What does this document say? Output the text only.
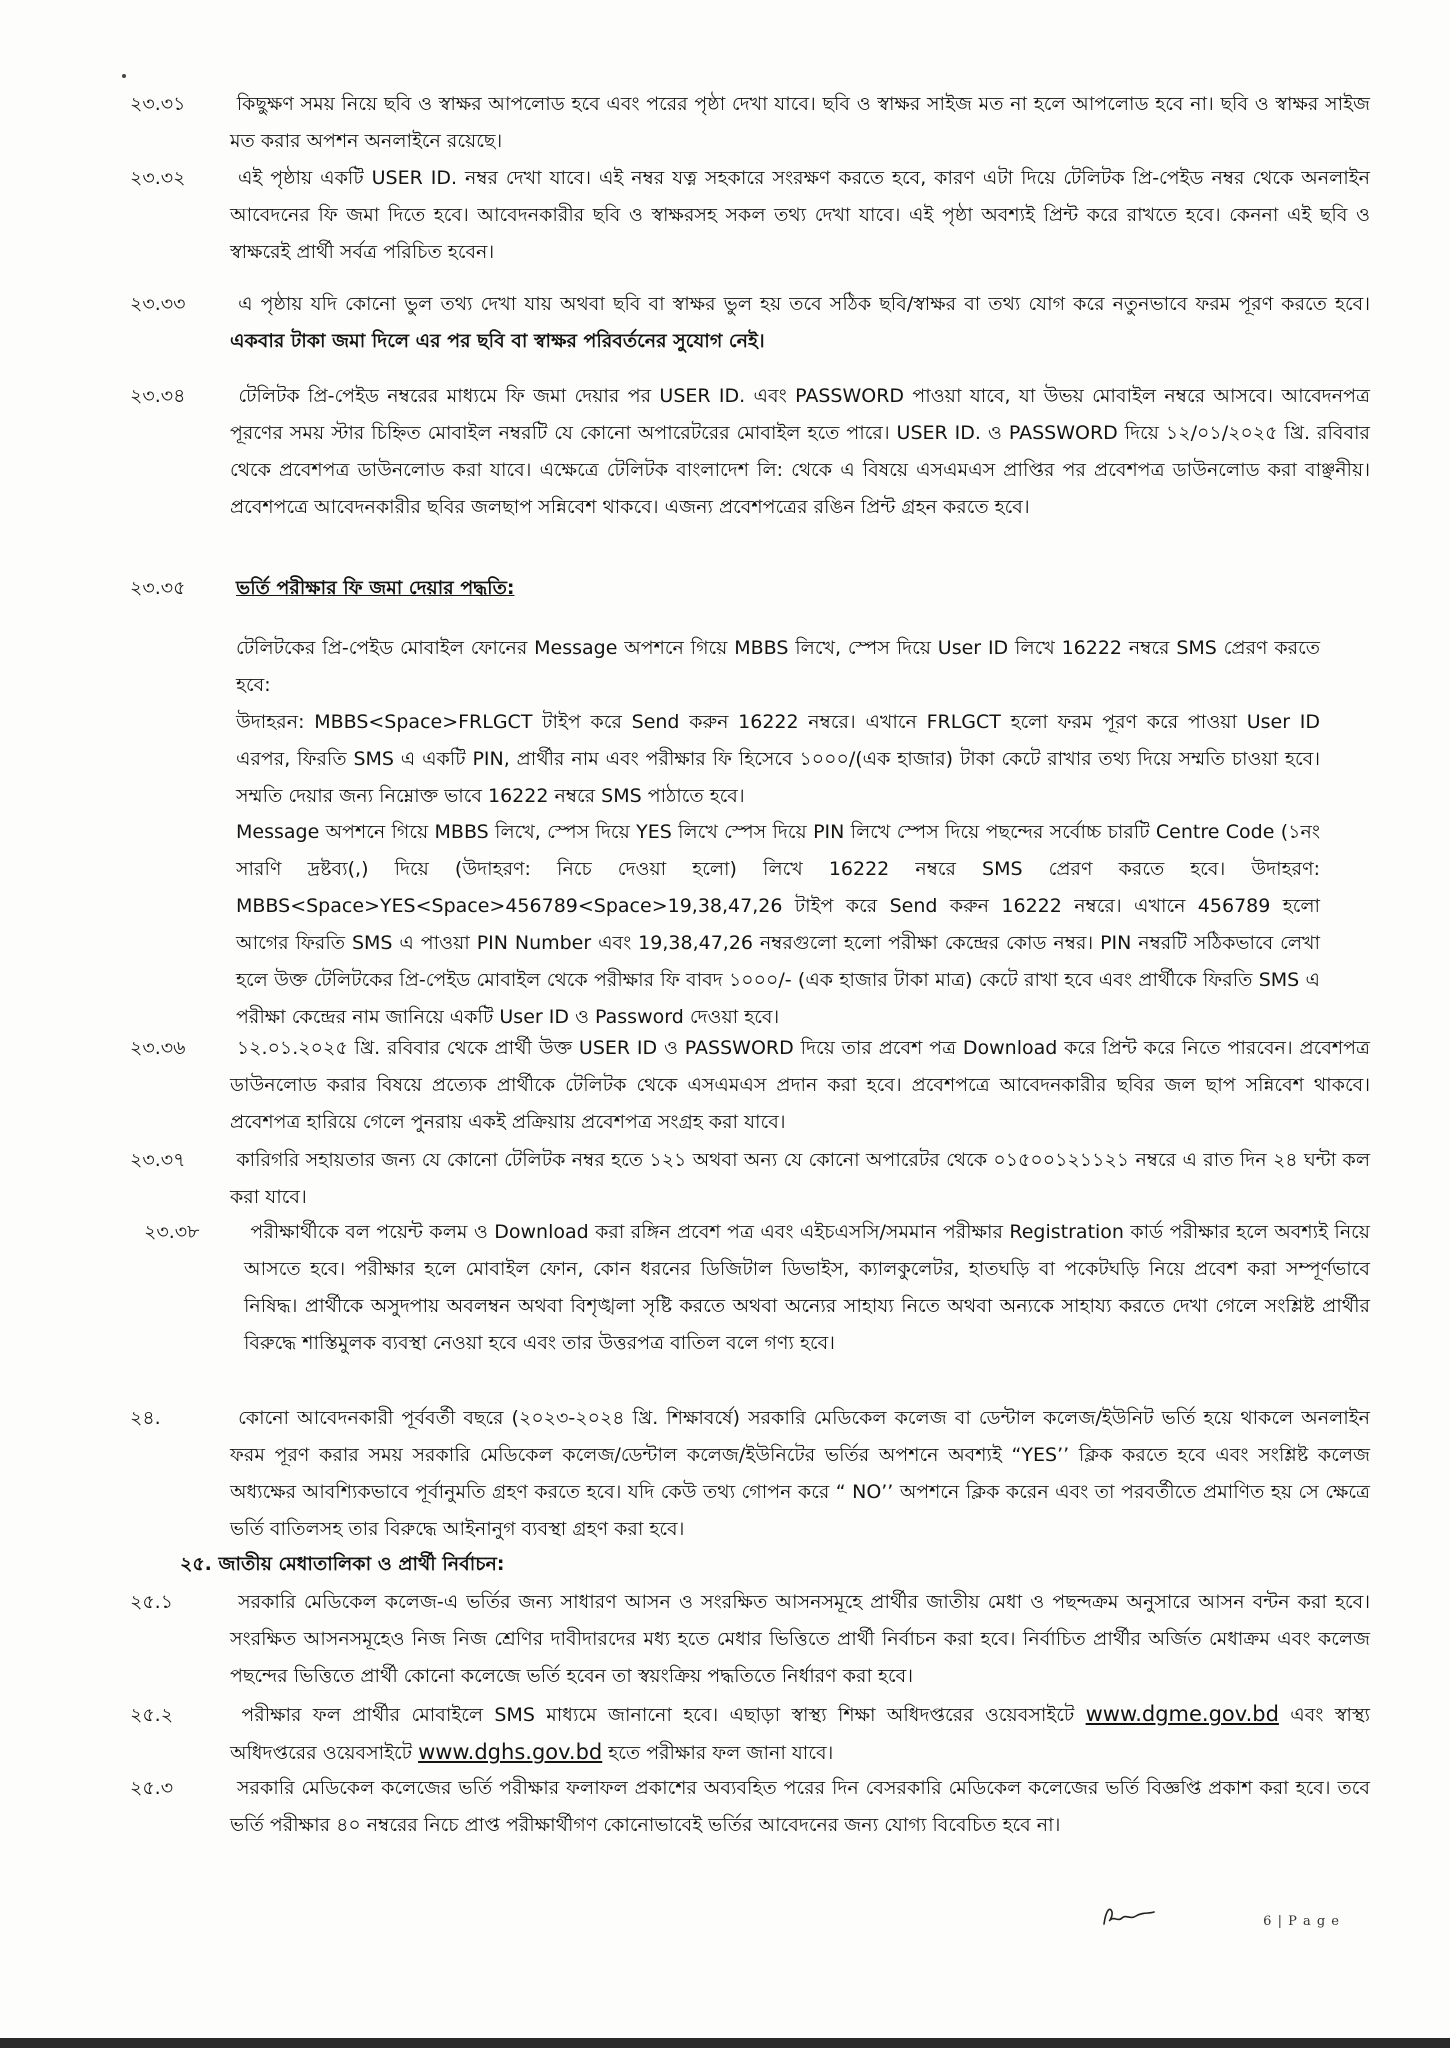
২৩.৩১	কিছুক্ষণ সময় নিয়ে ছবি ও স্বাক্ষর আপলোড হবে এবং পরের পৃষ্ঠা দেখা যাবে। ছবি ও স্বাক্ষর সাইজ মত না হলে আপলোড হবে না। ছবি ও স্বাক্ষর সাইজ মত করার অপশন অনলাইনে রয়েছে।
২৩.৩২	এই পৃষ্ঠায় একটি USER ID. নম্বর দেখা যাবে। এই নম্বর যত্ন সহকারে সংরক্ষণ করতে হবে, কারণ এটা দিয়ে টেলিটক প্রি-পেইড নম্বর থেকে অনলাইন আবেদনের ফি জমা দিতে হবে। আবেদনকারীর ছবি ও স্বাক্ষরসহ সকল তথ্য দেখা যাবে। এই পৃষ্ঠা অবশ্যই প্রিন্ট করে রাখতে হবে। কেননা এই ছবি ও স্বাক্ষরেই প্রার্থী সর্বত্র পরিচিত হবেন।
২৩.৩৩	এ পৃষ্ঠায় যদি কোনো ভুল তথ্য দেখা যায় অথবা ছবি বা স্বাক্ষর ভুল হয় তবে সঠিক ছবি/স্বাক্ষর বা তথ্য যোগ করে নতুনভাবে ফরম পূরণ করতে হবে। একবার টাকা জমা দিলে এর পর ছবি বা স্বাক্ষর পরিবর্তনের সুযোগ নেই।
২৩.৩৪	টেলিটক প্রি-পেইড নম্বরের মাধ্যমে ফি জমা দেয়ার পর USER ID. এবং PASSWORD পাওয়া যাবে, যা উভয় মোবাইল নম্বরে আসবে। আবেদনপত্র পূরণের সময় স্টার চিহ্নিত মোবাইল নম্বরটি যে কোনো অপারেটরের মোবাইল হতে পারে। USER ID. ও PASSWORD দিয়ে ১২/০১/২০২৫ খ্রি. রবিবার থেকে প্রবেশপত্র ডাউনলোড করা যাবে। এক্ষেত্রে টেলিটক বাংলাদেশ লি: থেকে এ বিষয়ে এসএমএস প্রাপ্তির পর প্রবেশপত্র ডাউনলোড করা বাঞ্ছনীয়। প্রবেশপত্রে আবেদনকারীর ছবির জলছাপ সন্নিবেশ থাকবে। এজন্য প্রবেশপত্রের রঙিন প্রিন্ট গ্রহন করতে হবে।
২৩.৩৫	ভর্তি পরীক্ষার ফি জমা দেয়ার পদ্ধতি:
টেলিটকের প্রি-পেইড মোবাইল ফোনের Message অপশনে গিয়ে MBBS লিখে, স্পেস দিয়ে User ID লিখে 16222 নম্বরে SMS প্রেরণ করতে হবে:
উদাহরন: MBBS<Space>FRLGCT টাইপ করে Send করুন 16222 নম্বরে। এখানে FRLGCT হলো ফরম পূরণ করে পাওয়া User ID এরপর, ফিরতি SMS এ একটি PIN, প্রার্থীর নাম এবং পরীক্ষার ফি হিসেবে ১০০০/(এক হাজার) টাকা কেটে রাখার তথ্য দিয়ে সম্মতি চাওয়া হবে। সম্মতি দেয়ার জন্য নিম্নোক্ত ভাবে 16222 নম্বরে SMS পাঠাতে হবে।
Message অপশনে গিয়ে MBBS লিখে, স্পেস দিয়ে YES লিখে স্পেস দিয়ে PIN লিখে স্পেস দিয়ে পছন্দের সর্বোচ্চ চারটি Centre Code (১নং সারণি দ্রষ্টব্য(,) দিয়ে (উদাহরণ: নিচে দেওয়া হলো) লিখে 16222 নম্বরে SMS প্রেরণ করতে হবে। উদাহরণ: MBBS<Space>YES<Space>456789<Space>19,38,47,26 টাইপ করে Send করুন 16222 নম্বরে। এখানে 456789 হলো আগের ফিরতি SMS এ পাওয়া PIN Number এবং 19,38,47,26 নম্বরগুলো হলো পরীক্ষা কেন্দ্রের কোড নম্বর। PIN নম্বরটি সঠিকভাবে লেখা হলে উক্ত টেলিটকের প্রি-পেইড মোবাইল থেকে পরীক্ষার ফি বাবদ ১০০০/- (এক হাজার টাকা মাত্র) কেটে রাখা হবে এবং প্রার্থীকে ফিরতি SMS এ পরীক্ষা কেন্দ্রের নাম জানিয়ে একটি User ID ও Password দেওয়া হবে।
২৩.৩৬	১২.০১.২০২৫ খ্রি. রবিবার থেকে প্রার্থী উক্ত USER ID ও PASSWORD দিয়ে তার প্রবেশ পত্র Download করে প্রিন্ট করে নিতে পারবেন। প্রবেশপত্র ডাউনলোড করার বিষয়ে প্রত্যেক প্রার্থীকে টেলিটক থেকে এসএমএস প্রদান করা হবে। প্রবেশপত্রে আবেদনকারীর ছবির জল ছাপ সন্নিবেশ থাকবে। প্রবেশপত্র হারিয়ে গেলে পুনরায় একই প্রক্রিয়ায় প্রবেশপত্র সংগ্রহ করা যাবে।
২৩.৩৭	কারিগরি সহায়তার জন্য যে কোনো টেলিটক নম্বর হতে ১২১ অথবা অন্য যে কোনো অপারেটর থেকে ০১৫০০১২১১২১ নম্বরে এ রাত দিন ২৪ ঘন্টা কল করা যাবে।
২৩.৩৮	পরীক্ষার্থীকে বল পয়েন্ট কলম ও Download করা রঙ্গিন প্রবেশ পত্র এবং এইচএসসি/সমমান পরীক্ষার Registration কার্ড পরীক্ষার হলে অবশ্যই নিয়ে আসতে হবে। পরীক্ষার হলে মোবাইল ফোন, কোন ধরনের ডিজিটাল ডিভাইস, ক্যালকুলেটর, হাতঘড়ি বা পকেটঘড়ি নিয়ে প্রবেশ করা সম্পূর্ণভাবে নিষিদ্ধ। প্রার্থীকে অসুদপায় অবলম্বন অথবা বিশৃঙ্খলা সৃষ্টি করতে অথবা অন্যের সাহায্য নিতে অথবা অন্যকে সাহায্য করতে দেখা গেলে সংশ্লিষ্ট প্রার্থীর বিরুদ্ধে শাস্তিমুলক ব্যবস্থা নেওয়া হবে এবং তার উত্তরপত্র বাতিল বলে গণ্য হবে।
২৪.	কোনো আবেদনকারী পূর্ববর্তী বছরে (২০২৩-২০২৪ খ্রি. শিক্ষাবর্ষে) সরকারি মেডিকেল কলেজ বা ডেন্টাল কলেজ/ইউনিট ভর্তি হয়ে থাকলে অনলাইন ফরম পূরণ করার সময় সরকারি মেডিকেল কলেজ/ডেন্টাল কলেজ/ইউনিটের ভর্তির অপশনে অবশ্যই “YES’’ ক্লিক করতে হবে এবং সংশ্লিষ্ট কলেজ অধ্যক্ষের আবশ্যিকভাবে পূর্বানুমতি গ্রহণ করতে হবে। যদি কেউ তথ্য গোপন করে “ NO’’ অপশনে ক্লিক করেন এবং তা পরবর্তীতে প্রমাণিত হয় সে ক্ষেত্রে ভর্তি বাতিলসহ তার বিরুদ্ধে আইনানুগ ব্যবস্থা গ্রহণ করা হবে।
২৫. জাতীয় মেধাতালিকা ও প্রার্থী নির্বাচন:
২৫.১	সরকারি মেডিকেল কলেজ-এ ভর্তির জন্য সাধারণ আসন ও সংরক্ষিত আসনসমূহে প্রার্থীর জাতীয় মেধা ও পছন্দক্রম অনুসারে আসন বন্টন করা হবে। সংরক্ষিত আসনসমূহেও নিজ নিজ শ্রেণির দাবীদারদের মধ্য হতে মেধার ভিত্তিতে প্রার্থী নির্বাচন করা হবে। নির্বাচিত প্রার্থীর অর্জিত মেধাক্রম এবং কলেজ পছন্দের ভিত্তিতে প্রার্থী কোনো কলেজে ভর্তি হবেন তা স্বয়ংক্রিয় পদ্ধতিতে নির্ধারণ করা হবে।
২৫.২	পরীক্ষার ফল প্রার্থীর মোবাইলে SMS মাধ্যমে জানানো হবে। এছাড়া স্বাস্থ্য শিক্ষা অধিদপ্তরের ওয়েবসাইটে www.dgme.gov.bd এবং স্বাস্থ্য অধিদপ্তরের ওয়েবসাইটে www.dghs.gov.bd হতে পরীক্ষার ফল জানা যাবে।
২৫.৩	সরকারি মেডিকেল কলেজের ভর্তি পরীক্ষার ফলাফল প্রকাশের অব্যবহিত পরের দিন বেসরকারি মেডিকেল কলেজের ভর্তি বিজ্ঞপ্তি প্রকাশ করা হবে। তবে ভর্তি পরীক্ষার ৪০ নম্বরের নিচে প্রাপ্ত পরীক্ষার্থীগণ কোনোভাবেই ভর্তির আবেদনের জন্য যোগ্য বিবেচিত হবে না।
6 | P a g e
